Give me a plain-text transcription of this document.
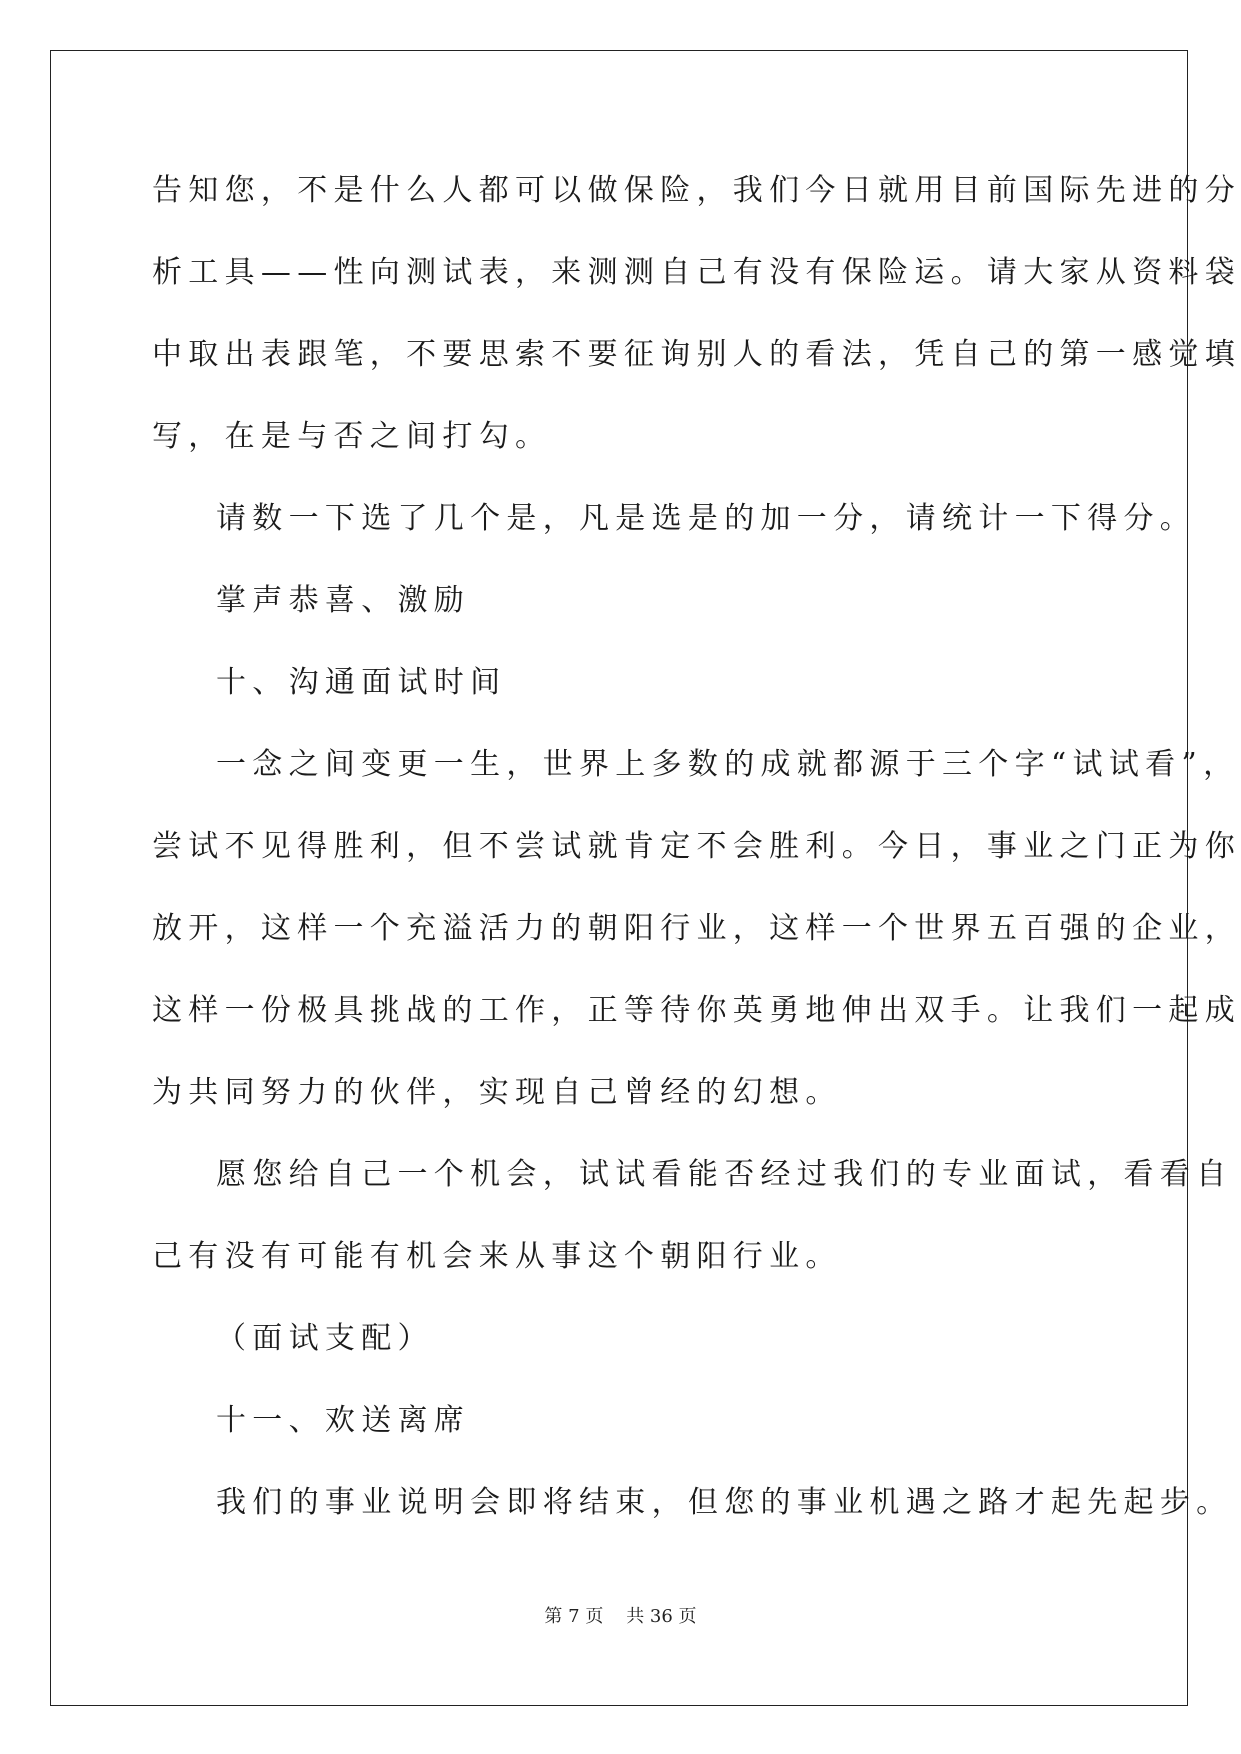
告知您，不是什么人都可以做保险，我们今日就用目前国际先进的分
析工具——性向测试表，来测测自己有没有保险运。请大家从资料袋
中取出表跟笔，不要思索不要征询别人的看法，凭自己的第一感觉填
写，在是与否之间打勾。
请数一下选了几个是，凡是选是的加一分，请统计一下得分。
掌声恭喜、激励
十、沟通面试时间
一念之间变更一生，世界上多数的成就都源于三个字“试试看”，
尝试不见得胜利，但不尝试就肯定不会胜利。今日，事业之门正为你
放开，这样一个充溢活力的朝阳行业，这样一个世界五百强的企业，
这样一份极具挑战的工作，正等待你英勇地伸出双手。让我们一起成
为共同努力的伙伴，实现自己曾经的幻想。
愿您给自己一个机会，试试看能否经过我们的专业面试，看看自
己有没有可能有机会来从事这个朝阳行业。
（面试支配）
十一、欢送离席
我们的事业说明会即将结束，但您的事业机遇之路才起先起步。
第 7 页    共 36 页
